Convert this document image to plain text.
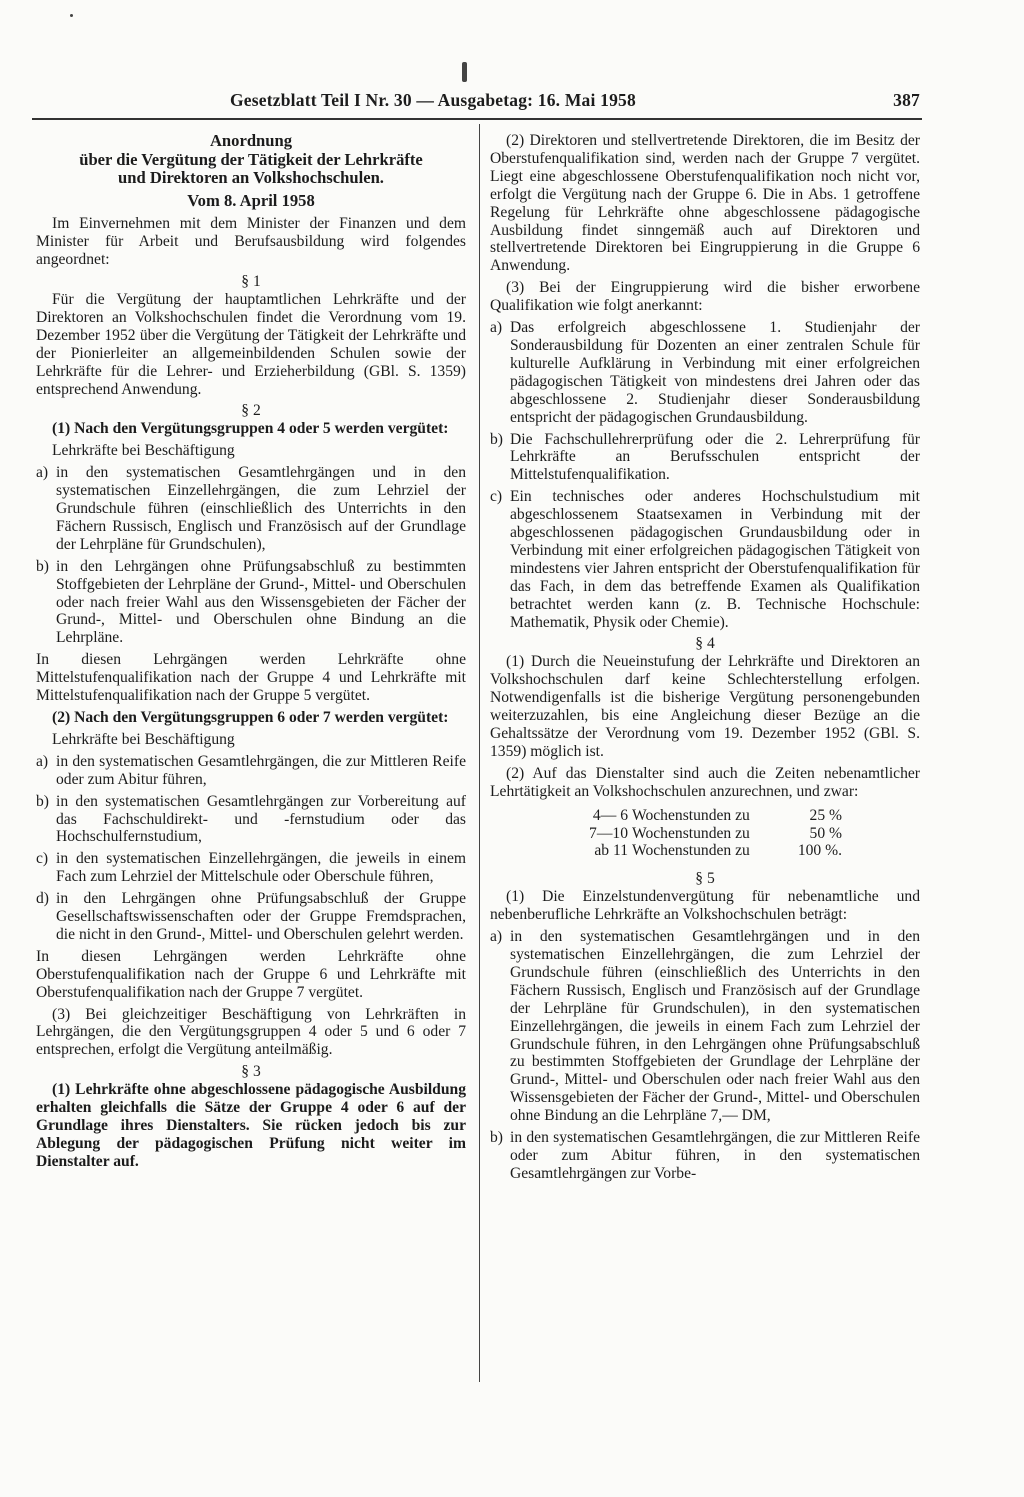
Gesetzblatt Teil I Nr. 30 — Ausgabetag: 16. Mai 1958	387
Anordnung
über die Vergütung der Tätigkeit der Lehrkräfte
und Direktoren an Volkshochschulen.
Vom 8. April 1958

Im Einvernehmen mit dem Minister der Finanzen und dem Minister für Arbeit und Berufsausbildung wird folgendes angeordnet:

§ 1

Für die Vergütung der hauptamtlichen Lehrkräfte und der Direktoren an Volkshochschulen findet die Verordnung vom 19. Dezember 1952 über die Vergütung der Tätigkeit der Lehrkräfte und der Pionierleiter an allgemeinbildenden Schulen sowie der Lehrkräfte für die Lehrer- und Erzieherbildung (GBl. S. 1359) entsprechend Anwendung.

§ 2

(1) Nach den Vergütungsgruppen 4 oder 5 werden vergütet:

Lehrkräfte bei Beschäftigung

a) in den systematischen Gesamtlehrgängen und in den systematischen Einzellehrgängen, die zum Lehrziel der Grundschule führen (einschließlich des Unterrichts in den Fächern Russisch, Englisch und Französisch auf der Grundlage der Lehrpläne für Grundschulen),
b) in den Lehrgängen ohne Prüfungsabschluß zu bestimmten Stoffgebieten der Lehrpläne der Grund-, Mittel- und Oberschulen oder nach freier Wahl aus den Wissensgebieten der Fächer der Grund-, Mittel- und Oberschulen ohne Bindung an die Lehrpläne.

In diesen Lehrgängen werden Lehrkräfte ohne Mittelstufenqualifikation nach der Gruppe 4 und Lehrkräfte mit Mittelstufenqualifikation nach der Gruppe 5 vergütet.

(2) Nach den Vergütungsgruppen 6 oder 7 werden vergütet:

Lehrkräfte bei Beschäftigung

a) in den systematischen Gesamtlehrgängen, die zur Mittleren Reife oder zum Abitur führen,
b) in den systematischen Gesamtlehrgängen zur Vorbereitung auf das Fachschuldirekt- und -fernstudium oder das Hochschulfernstudium,
c) in den systematischen Einzellehrgängen, die jeweils in einem Fach zum Lehrziel der Mittelschule oder Oberschule führen,
d) in den Lehrgängen ohne Prüfungsabschluß der Gruppe Gesellschaftswissenschaften oder der Gruppe Fremdsprachen, die nicht in den Grund-, Mittel- und Oberschulen gelehrt werden.

In diesen Lehrgängen werden Lehrkräfte ohne Oberstufenqualifikation nach der Gruppe 6 und Lehrkräfte mit Oberstufenqualifikation nach der Gruppe 7 vergütet.

(3) Bei gleichzeitiger Beschäftigung von Lehrkräften in Lehrgängen, die den Vergütungsgruppen 4 oder 5 und 6 oder 7 entsprechen, erfolgt die Vergütung anteilmäßig.

§ 3

(1) Lehrkräfte ohne abgeschlossene pädagogische Ausbildung erhalten gleichfalls die Sätze der Gruppe 4 oder 6 auf der Grundlage ihres Dienstalters. Sie rücken jedoch bis zur Ablegung der pädagogischen Prüfung nicht weiter im Dienstalter auf.

(2) Direktoren und stellvertretende Direktoren, die im Besitz der Oberstufenqualifikation sind, werden nach der Gruppe 7 vergütet. Liegt eine abgeschlossene Oberstufenqualifikation noch nicht vor, erfolgt die Vergütung nach der Gruppe 6. Die in Abs. 1 getroffene Regelung für Lehrkräfte ohne abgeschlossene pädagogische Ausbildung findet sinngemäß auch auf Direktoren und stellvertretende Direktoren bei Eingruppierung in die Gruppe 6 Anwendung.

(3) Bei der Eingruppierung wird die bisher erworbene Qualifikation wie folgt anerkannt:

a) Das erfolgreich abgeschlossene 1. Studienjahr der Sonderausbildung für Dozenten an einer zentralen Schule für kulturelle Aufklärung in Verbindung mit einer erfolgreichen pädagogischen Tätigkeit von mindestens drei Jahren oder das abgeschlossene 2. Studienjahr dieser Sonderausbildung entspricht der pädagogischen Grundausbildung.
b) Die Fachschullehrerprüfung oder die 2. Lehrerprüfung für Lehrkräfte an Berufsschulen entspricht der Mittelstufenqualifikation.
c) Ein technisches oder anderes Hochschulstudium mit abgeschlossenem Staatsexamen in Verbindung mit der abgeschlossenen pädagogischen Grundausbildung oder in Verbindung mit einer erfolgreichen pädagogischen Tätigkeit von mindestens vier Jahren entspricht der Oberstufenqualifikation für das Fach, in dem das betreffende Examen als Qualifikation betrachtet werden kann (z. B. Technische Hochschule: Mathematik, Physik oder Chemie).
§ 4

(1) Durch die Neueinstufung der Lehrkräfte und Direktoren an Volkshochschulen darf keine Schlechterstellung erfolgen. Notwendigenfalls ist die bisherige Vergütung personengebunden weiterzuzahlen, bis eine Angleichung dieser Bezüge an die Gehaltssätze der Verordnung vom 19. Dezember 1952 (GBl. S. 1359) möglich ist.

(2) Auf das Dienstalter sind auch die Zeiten nebenamtlicher Lehrtätigkeit an Volkshochschulen anzurechnen, und zwar:

4— 6 Wochenstunden zu	25 %
7—10 Wochenstunden zu	50 %
ab 11 Wochenstunden zu	100 %.
§ 5

(1) Die Einzelstundenvergütung für nebenamtliche und nebenberufliche Lehrkräfte an Volkshochschulen beträgt:

a) in den systematischen Gesamtlehrgängen und in den systematischen Einzellehrgängen, die zum Lehrziel der Grundschule führen (einschließlich des Unterrichts in den Fächern Russisch, Englisch und Französisch auf der Grundlage der Lehrpläne für Grundschulen), in den systematischen Einzellehrgängen, die jeweils in einem Fach zum Lehrziel der Grundschule führen, in den Lehrgängen ohne Prüfungsabschluß zu bestimmten Stoffgebieten der Grundlage der Lehrpläne der Grund-, Mittel- und Oberschulen oder nach freier Wahl aus den Wissensgebieten der Fächer der Grund-, Mittel- und Oberschulen ohne Bindung an die Lehrpläne 7,— DM,
b) in den systematischen Gesamtlehrgängen, die zur Mittleren Reife oder zum Abitur führen, in den systematischen Gesamtlehrgängen zur Vorbe-
